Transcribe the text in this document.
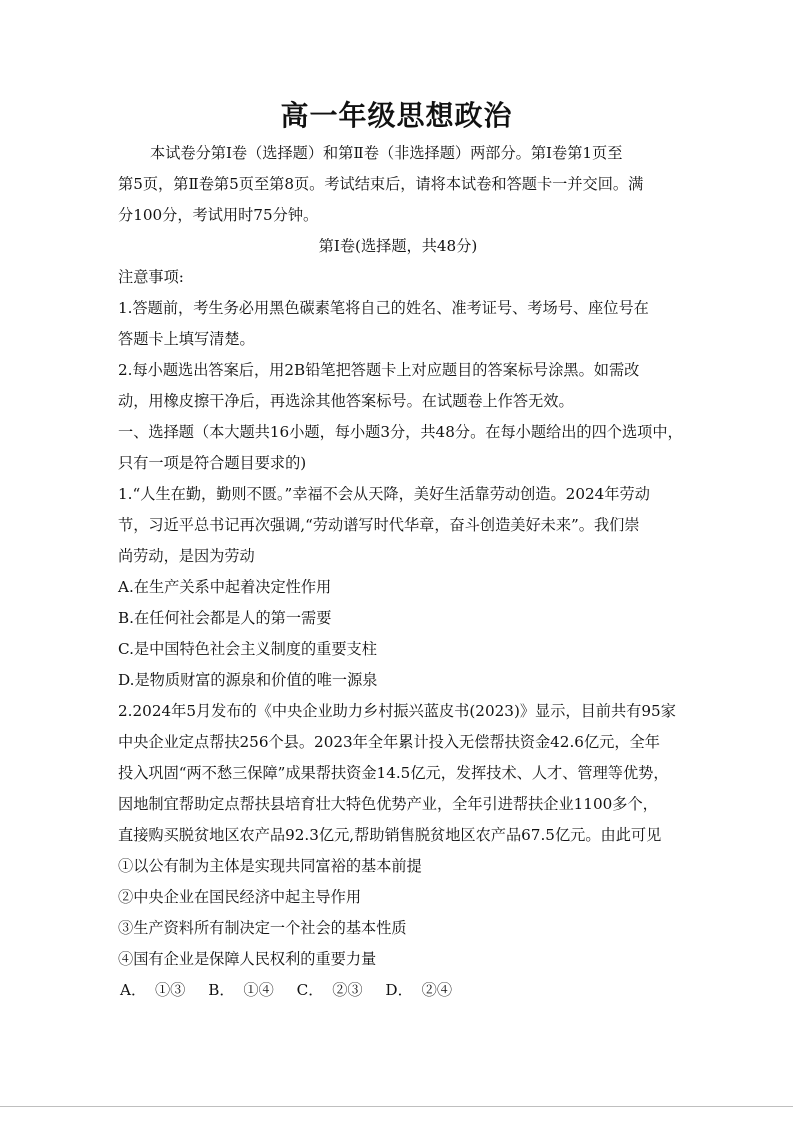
高一年级思想政治
本试卷分第Ⅰ卷（选择题）和第Ⅱ卷（非选择题）两部分。第Ⅰ卷第1页至
第5页，第Ⅱ卷第5页至第8页。考试结束后，请将本试卷和答题卡一并交回。满
分100分，考试用时75分钟。
第Ⅰ卷(选择题，共48分)
注意事项:
1.答题前，考生务必用黑色碳素笔将自己的姓名、准考证号、考场号、座位号在
答题卡上填写清楚。
2.每小题选出答案后，用2B铅笔把答题卡上对应题目的答案标号涂黑。如需改
动，用橡皮擦干净后，再选涂其他答案标号。在试题卷上作答无效。
一、选择题（本大题共16小题，每小题3分，共48分。在每小题给出的四个选项中，
只有一项是符合题目要求的)
1.“人生在勤，勤则不匮。”幸福不会从天降，美好生活靠劳动创造。2024年劳动
节，习近平总书记再次强调,“劳动谱写时代华章，奋斗创造美好未来”。我们崇
尚劳动，是因为劳动
A.在生产关系中起着决定性作用
B.在任何社会都是人的第一需要
C.是中国特色社会主义制度的重要支柱
D.是物质财富的源泉和价值的唯一源泉
2.2024年5月发布的《中央企业助力乡村振兴蓝皮书(2023)》显示，目前共有95家
中央企业定点帮扶256个县。2023年全年累计投入无偿帮扶资金42.6亿元，全年
投入巩固“两不愁三保障”成果帮扶资金14.5亿元，发挥技术、人才、管理等优势，
因地制宜帮助定点帮扶县培育壮大特色优势产业，全年引进帮扶企业1100多个，
直接购买脱贫地区农产品92.3亿元,帮助销售脱贫地区农产品67.5亿元。由此可见
①以公有制为主体是实现共同富裕的基本前提
②中央企业在国民经济中起主导作用
③生产资料所有制决定一个社会的基本性质
④国有企业是保障人民权利的重要力量
A． ①③ B． ①④ C． ②③ D． ②④
